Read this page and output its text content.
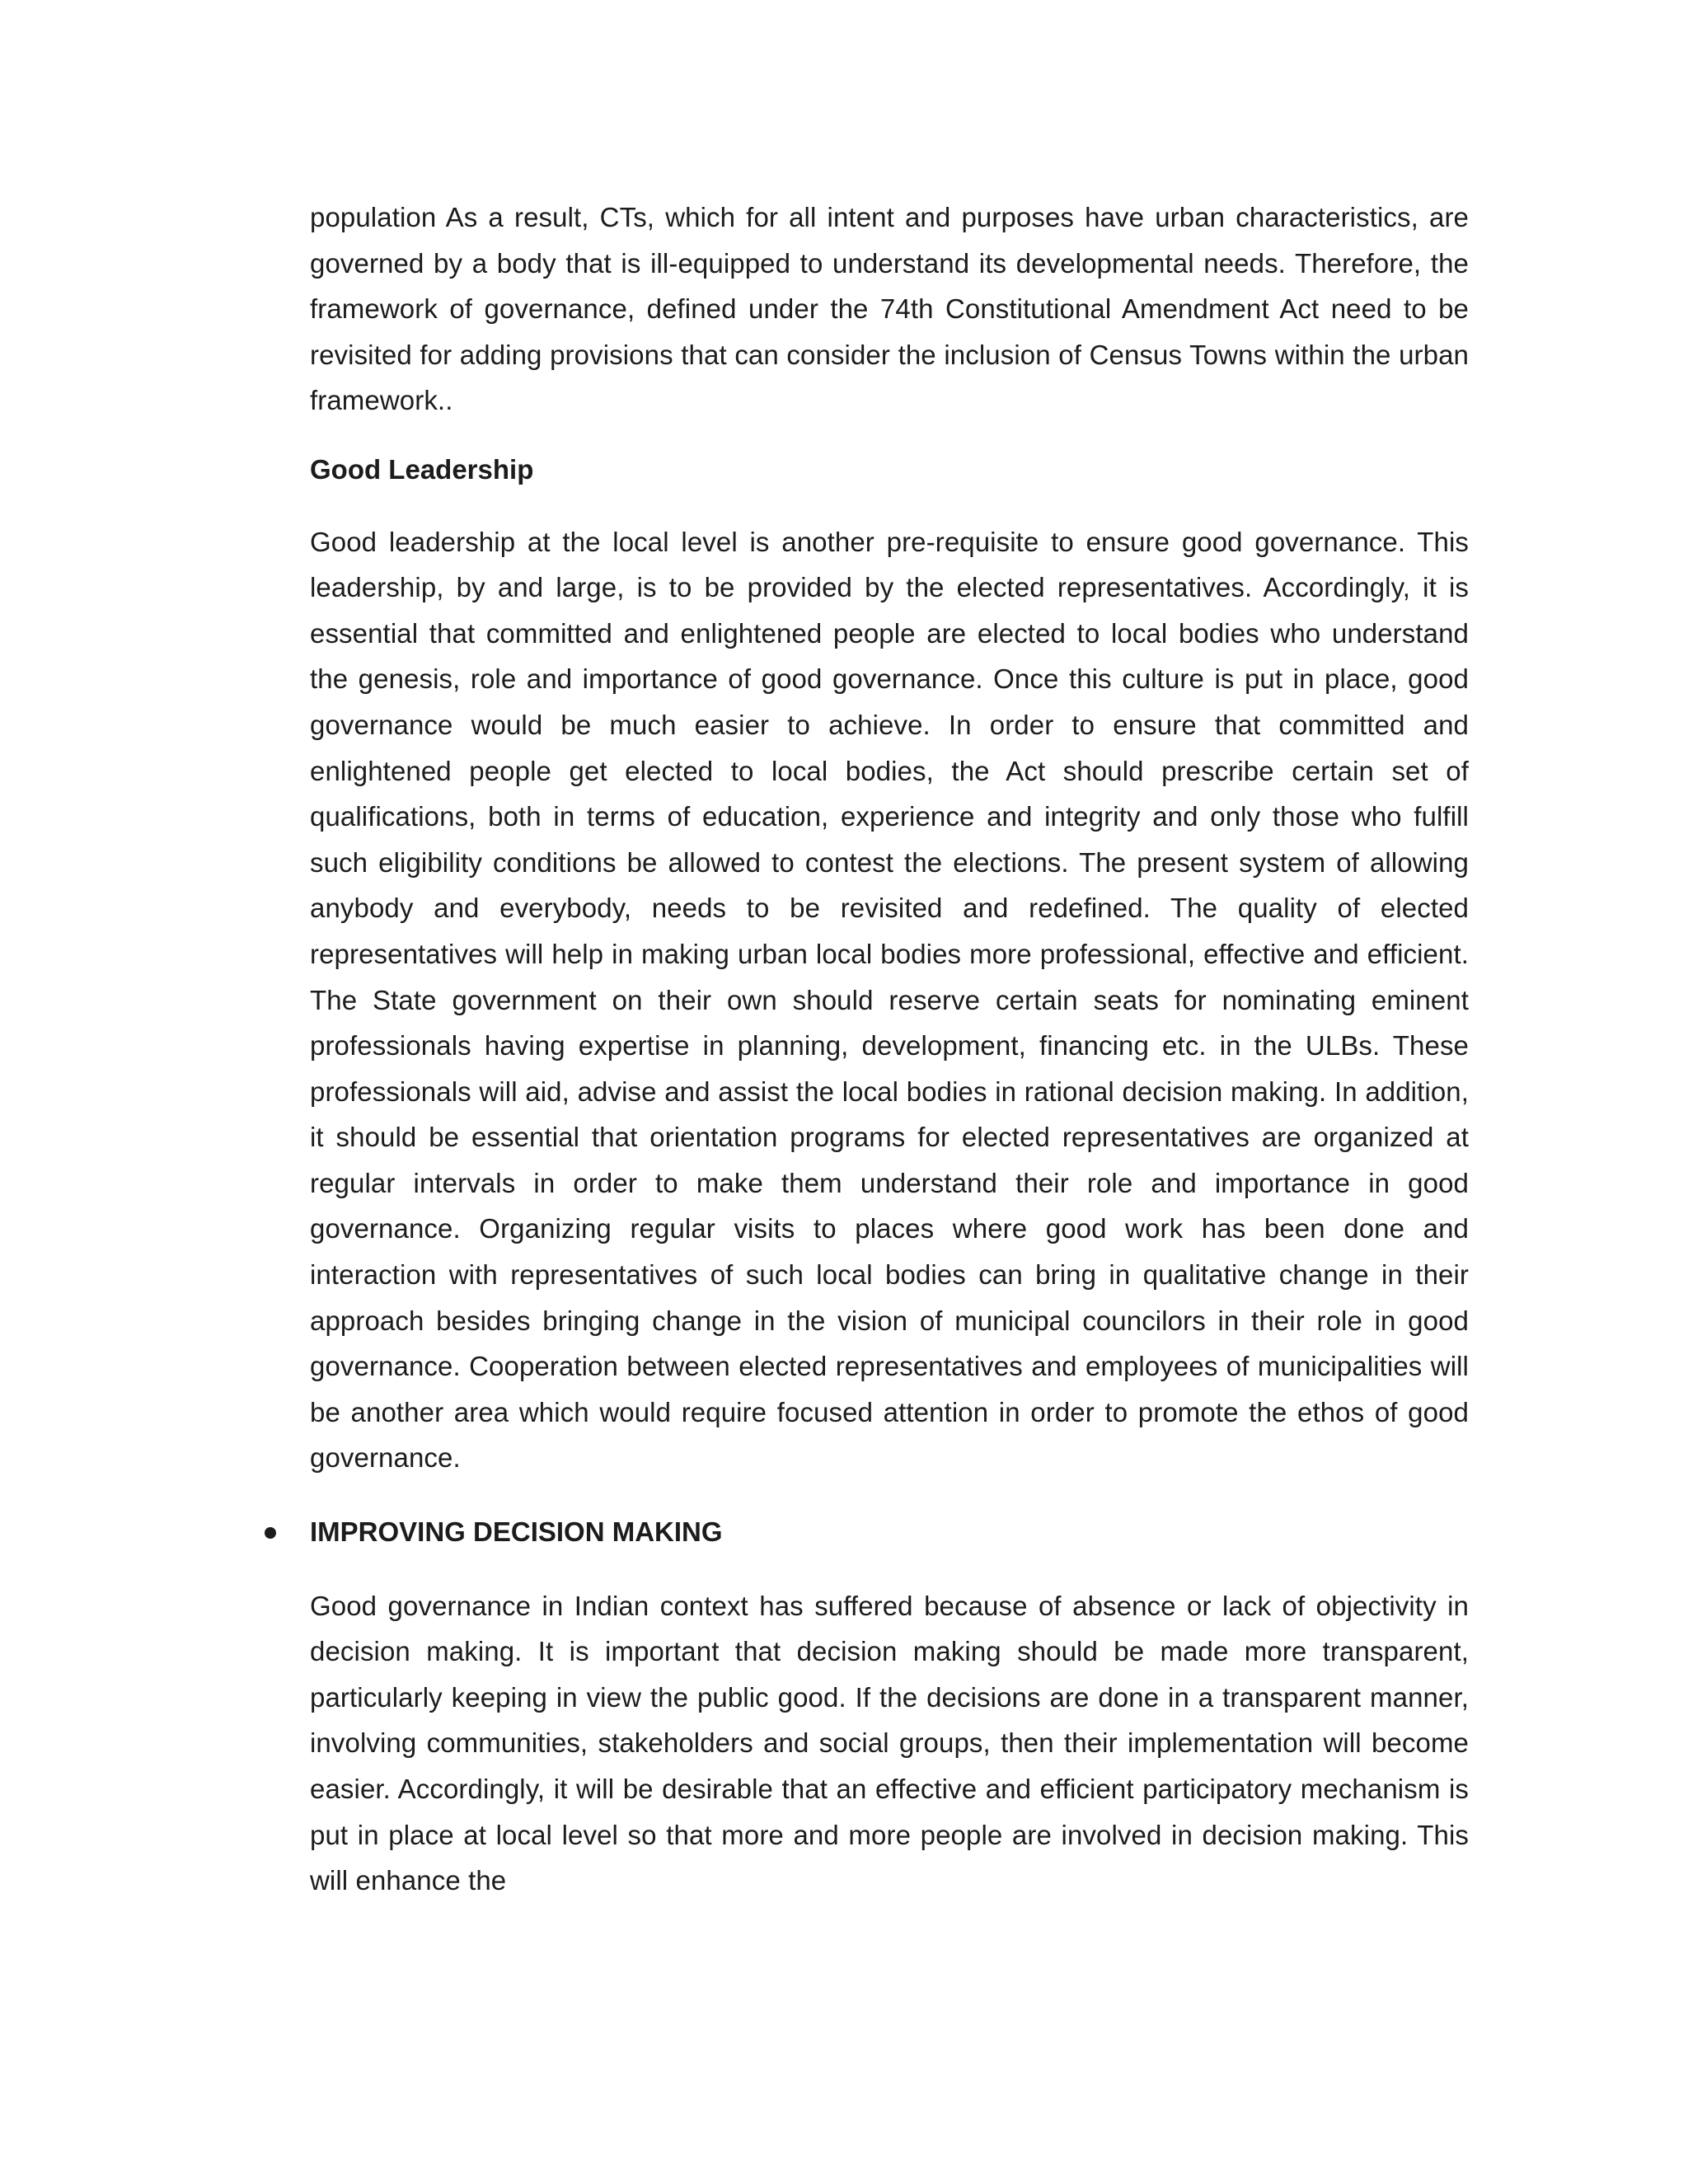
population As a result, CTs, which for all intent and purposes have urban characteristics, are governed by a body that is ill-equipped to understand its developmental needs. Therefore, the framework of governance, defined under the 74th Constitutional Amendment Act need to be revisited for adding provisions that can consider the inclusion of Census Towns within the urban framework..

Good Leadership

Good leadership at the local level is another pre-requisite to ensure good governance. This leadership, by and large, is to be provided by the elected representatives. Accordingly, it is essential that committed and enlightened people are elected to local bodies who understand the genesis, role and importance of good governance. Once this culture is put in place, good governance would be much easier to achieve. In order to ensure that committed and enlightened people get elected to local bodies, the Act should prescribe certain set of qualifications, both in terms of education, experience and integrity and only those who fulfill such eligibility conditions be allowed to contest the elections. The present system of allowing anybody and everybody, needs to be revisited and redefined. The quality of elected representatives will help in making urban local bodies more professional, effective and efficient. The State government on their own should reserve certain seats for nominating eminent professionals having expertise in planning, development, financing etc. in the ULBs. These professionals will aid, advise and assist the local bodies in rational decision making. In addition, it should be essential that orientation programs for elected representatives are organized at regular intervals in order to make them understand their role and importance in good governance. Organizing regular visits to places where good work has been done and interaction with representatives of such local bodies can bring in qualitative change in their approach besides bringing change in the vision of municipal councilors in their role in good governance. Cooperation between elected representatives and employees of municipalities will be another area which would require focused attention in order to promote the ethos of good governance.

IMPROVING DECISION MAKING

Good governance in Indian context has suffered because of absence or lack of objectivity in decision making. It is important that decision making should be made more transparent, particularly keeping in view the public good. If the decisions are done in a transparent manner, involving communities, stakeholders and social groups, then their implementation will become easier. Accordingly, it will be desirable that an effective and efficient participatory mechanism is put in place at local level so that more and more people are involved in decision making. This will enhance the
